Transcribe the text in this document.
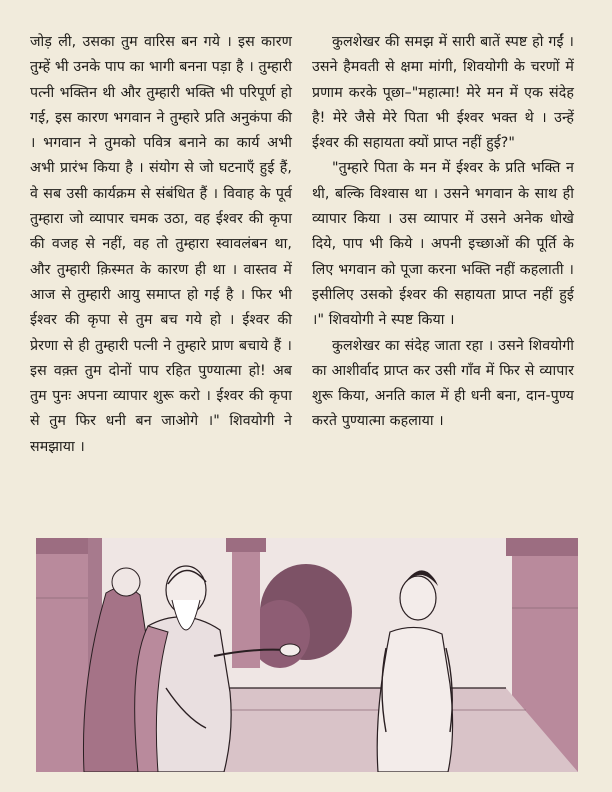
जोड़ ली, उसका तुम वारिस बन गये । इस कारण तुम्हें भी उनके पाप का भागी बनना पड़ा है । तुम्हारी पत्नी भक्तिन थी और तुम्हारी भक्ति भी परिपूर्ण हो गई, इस कारण भगवान ने तुम्हारे प्रति अनुकंपा की । भगवान ने तुमको पवित्र बनाने का कार्य अभी अभी प्रारंभ किया है । संयोग से जो घटनाएँ हुई हैं, वे सब उसी कार्यक्रम से संबंधित हैं । विवाह के पूर्व तुम्हारा जो व्यापार चमक उठा, वह ईश्वर की कृपा की वजह से नहीं, वह तो तुम्हारा स्वावलंबन था, और तुम्हारी क़िस्मत के कारण ही था । वास्तव में आज से तुम्हारी आयु समाप्त हो गई है । फिर भी ईश्वर की कृपा से तुम बच गये हो । ईश्वर की प्रेरणा से ही तुम्हारी पत्नी ने तुम्हारे प्राण बचाये हैं । इस वक़्त तुम दोनों पाप रहित पुण्यात्मा हो! अब तुम पुनः अपना व्यापार शुरू करो । ईश्वर की कृपा से तुम फिर धनी बन जाओगे ।" शिवयोगी ने समझाया ।

कुलशेखर की समझ में सारी बातें स्पष्ट हो गईं । उसने हैमवती से क्षमा मांगी, शिवयोगी के चरणों में प्रणाम करके पूछा–"महात्मा! मेरे मन में एक संदेह है! मेरे जैसे मेरे पिता भी ईश्वर भक्त थे । उन्हें ईश्वर की सहायता क्यों प्राप्त नहीं हुई?"

"तुम्हारे पिता के मन में ईश्वर के प्रति भक्ति न थी, बल्कि विश्वास था । उसने भगवान के साथ ही व्यापार किया । उस व्यापार में उसने अनेक धोखे दिये, पाप भी किये । अपनी इच्छाओं की पूर्ति के लिए भगवान को पूजा करना भक्ति नहीं कहलाती । इसीलिए उसको ईश्वर की सहायता प्राप्त नहीं हुई ।" शिवयोगी ने स्पष्ट किया ।

कुलशेखर का संदेह जाता रहा । उसने शिवयोगी का आशीर्वाद प्राप्त कर उसी गाँव में फिर से व्यापार शुरू किया, अनति काल में ही धनी बना, दान-पुण्य करते पुण्यात्मा कहलाया ।
